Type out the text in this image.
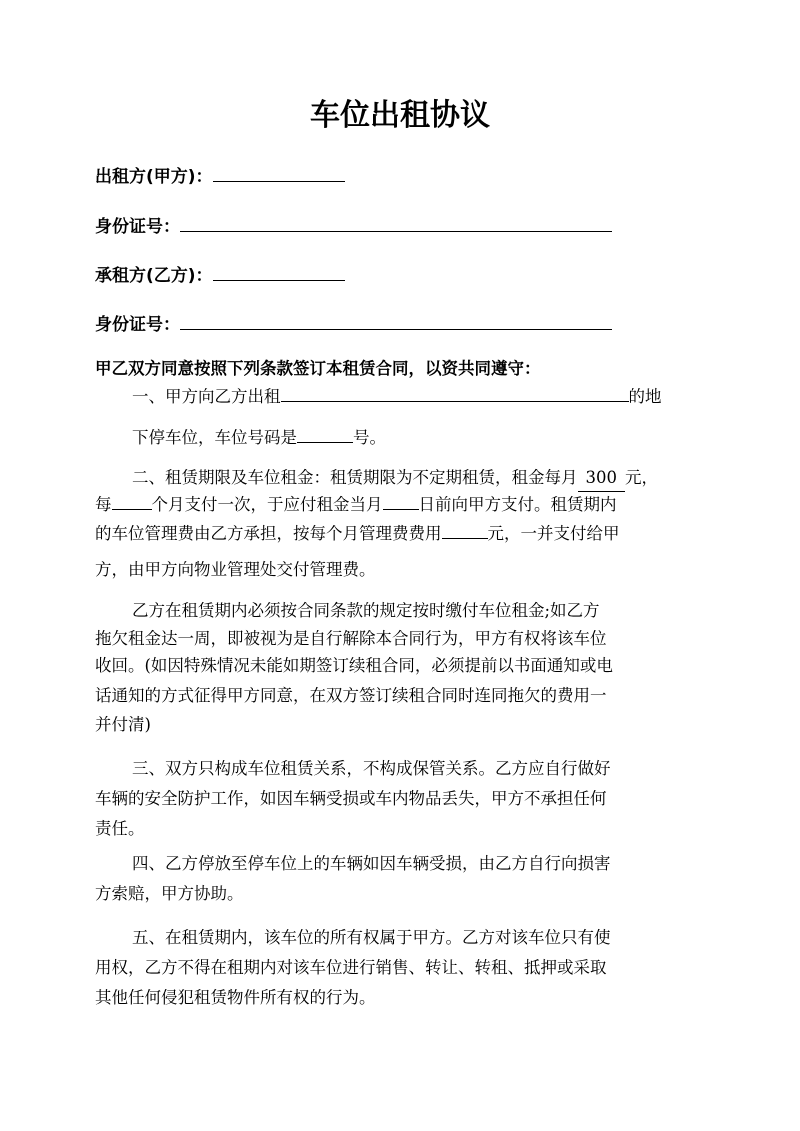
车位出租协议
出租方(甲方)：
身份证号：
承租方(乙方)：
身份证号：
甲乙双方同意按照下列条款签订本租赁合同，以资共同遵守：
一、甲方向乙方出租	的地
下停车位，车位号码是	号。
二、租赁期限及车位租金：租赁期限为不定期租赁，租金每月 300 元，
每 个月支付一次，于应付租金当月 日前向甲方支付。租赁期内
的车位管理费由乙方承担，按每个月管理费费用	元，一并支付给甲
方，由甲方向物业管理处交付管理费。
乙方在租赁期内必须按合同条款的规定按时缴付车位租金;如乙方
拖欠租金达一周，即被视为是自行解除本合同行为，甲方有权将该车位
收回。(如因特殊情况未能如期签订续租合同，必须提前以书面通知或电
话通知的方式征得甲方同意，在双方签订续租合同时连同拖欠的费用一
并付清)
三、双方只构成车位租赁关系，不构成保管关系。乙方应自行做好
车辆的安全防护工作，如因车辆受损或车内物品丢失，甲方不承担任何
责任。
四、乙方停放至停车位上的车辆如因车辆受损，由乙方自行向损害
方索赔，甲方协助。
五、在租赁期内，该车位的所有权属于甲方。乙方对该车位只有使
用权，乙方不得在租期内对该车位进行销售、转让、转租、抵押或采取
其他任何侵犯租赁物件所有权的行为。
